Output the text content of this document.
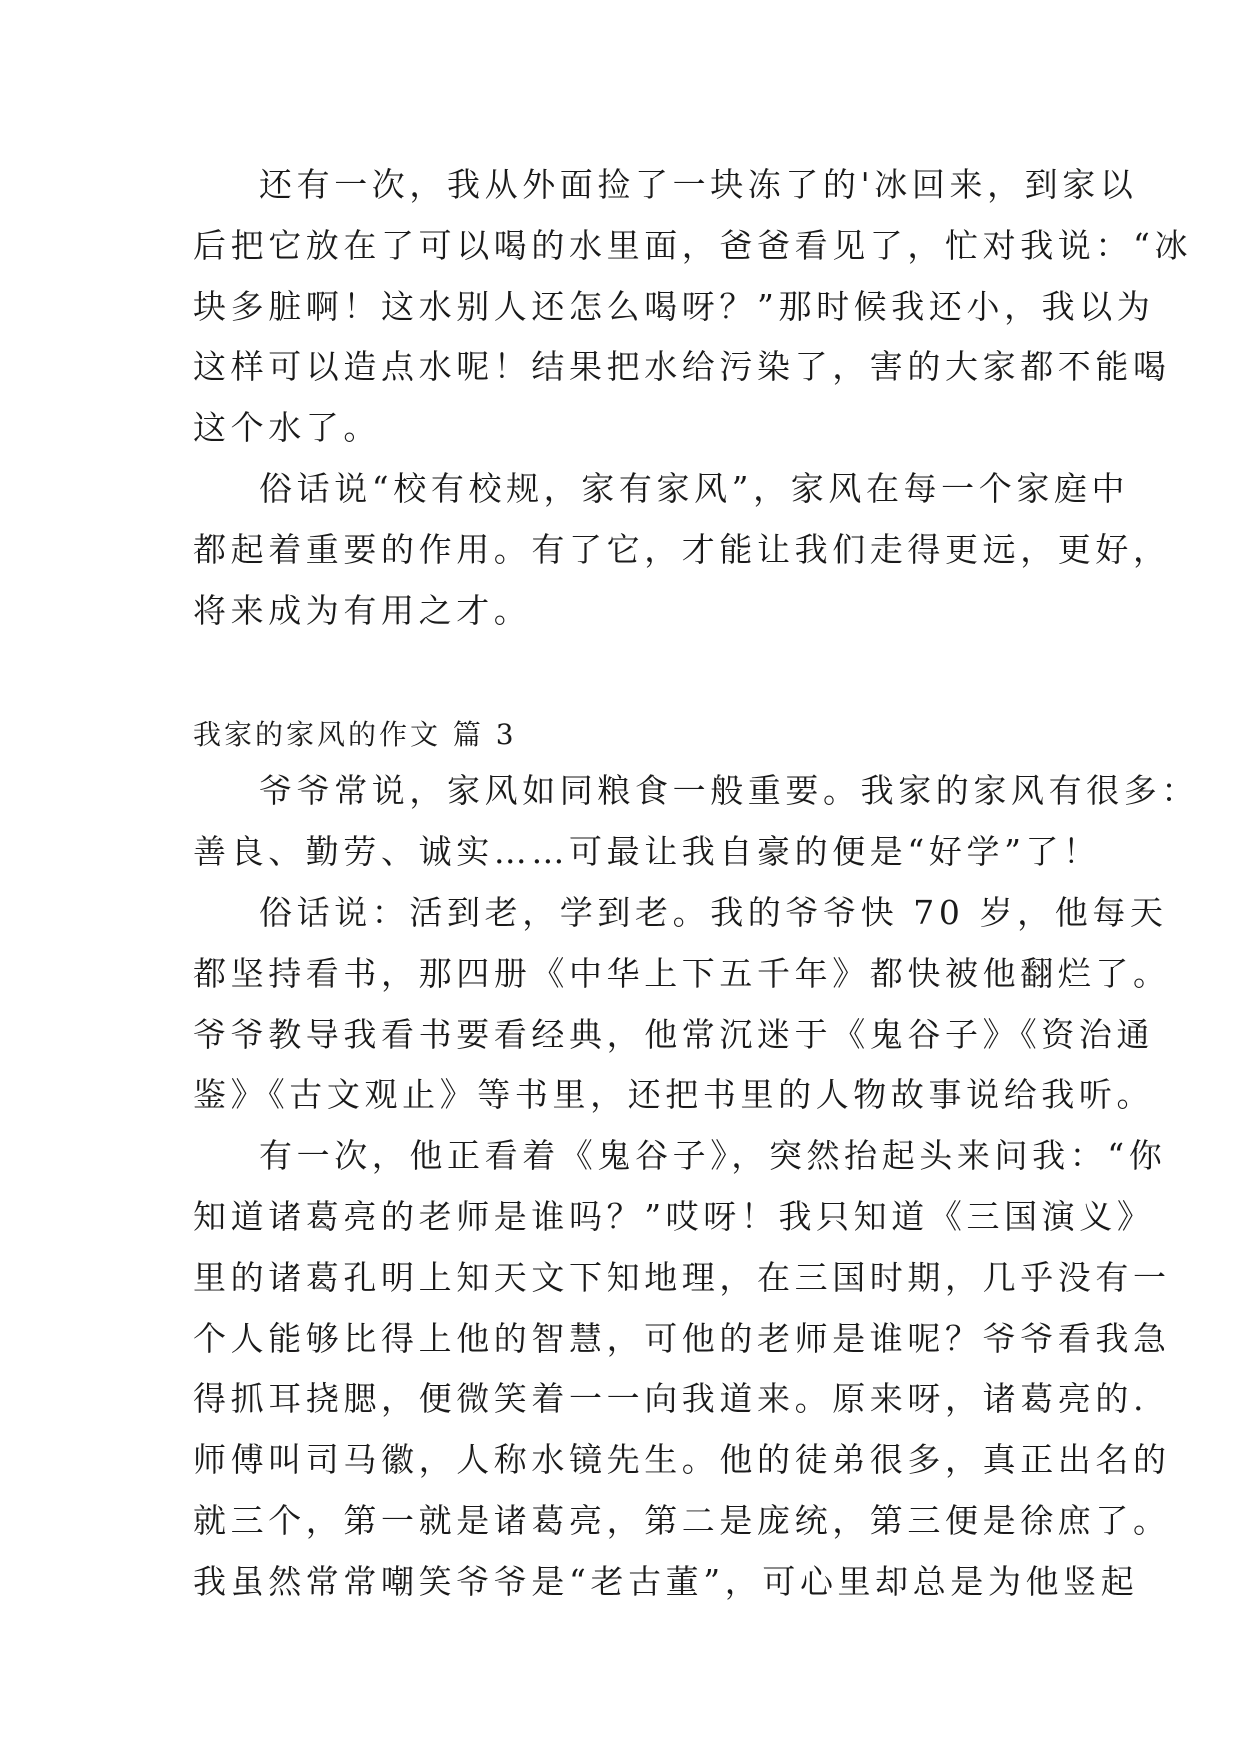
还有一次，我从外面捡了一块冻了的'冰回来，到家以
后把它放在了可以喝的水里面，爸爸看见了，忙对我说：“冰
块多脏啊！这水别人还怎么喝呀？”那时候我还小，我以为
这样可以造点水呢！结果把水给污染了，害的大家都不能喝
这个水了。
俗话说“校有校规，家有家风”，家风在每一个家庭中
都起着重要的作用。有了它，才能让我们走得更远，更好，
将来成为有用之才。
我家的家风的作文 篇 3
爷爷常说，家风如同粮食一般重要。我家的家风有很多：
善良、勤劳、诚实……可最让我自豪的便是“好学”了！
俗话说：活到老，学到老。我的爷爷快 70 岁，他每天
都坚持看书，那四册《中华上下五千年》都快被他翻烂了。
爷爷教导我看书要看经典，他常沉迷于《鬼谷子》《资治通
鉴》《古文观止》等书里，还把书里的人物故事说给我听。
有一次，他正看着《鬼谷子》，突然抬起头来问我：“你
知道诸葛亮的老师是谁吗？”哎呀！我只知道《三国演义》
里的诸葛孔明上知天文下知地理，在三国时期，几乎没有一
个人能够比得上他的智慧，可他的老师是谁呢？爷爷看我急
得抓耳挠腮，便微笑着一一向我道来。原来呀，诸葛亮的.
师傅叫司马徽，人称水镜先生。他的徒弟很多，真正出名的
就三个，第一就是诸葛亮，第二是庞统，第三便是徐庶了。
我虽然常常嘲笑爷爷是“老古董”，可心里却总是为他竖起
